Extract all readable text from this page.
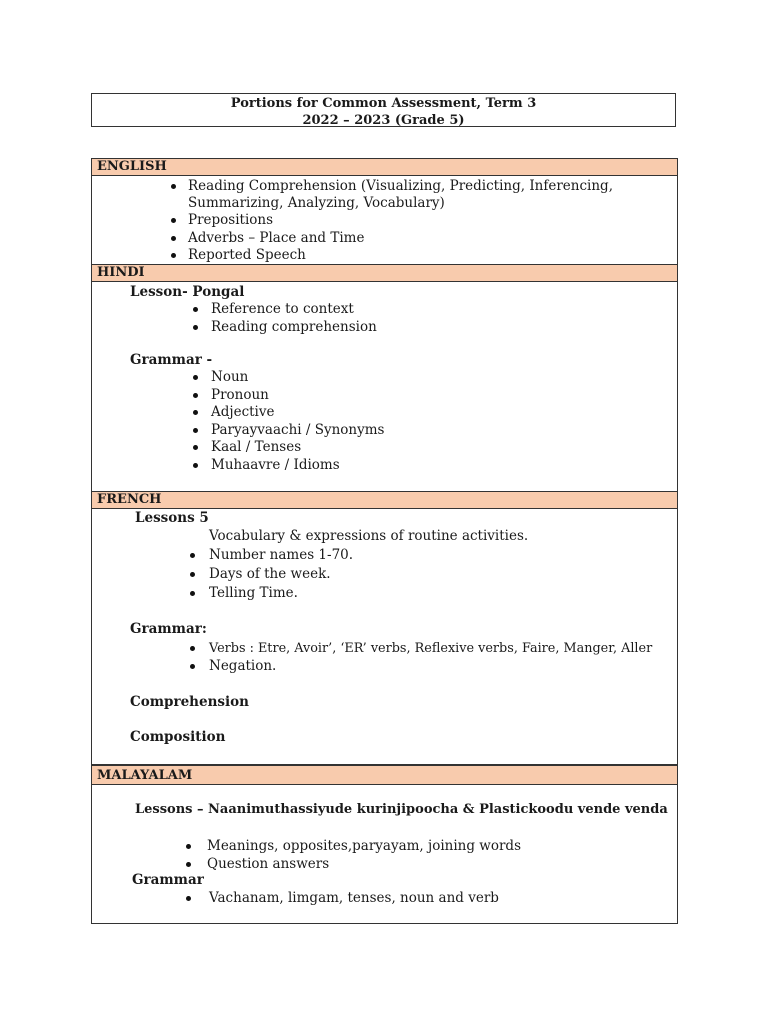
Portions for Common Assessment, Term 3
2022 – 2023 (Grade 5)
ENGLISH
Reading Comprehension (Visualizing, Predicting, Inferencing,
Summarizing, Analyzing, Vocabulary)
Prepositions
Adverbs – Place and Time
Reported Speech
HINDI
Lesson- Pongal
Reference to context
Reading comprehension
Grammar -
Noun
Pronoun
Adjective
Paryayvaachi / Synonyms
Kaal / Tenses
Muhaavre / Idioms
FRENCH
Lessons 5
Vocabulary & expressions of routine activities.
Number names 1-70.
Days of the week.
Telling Time.
Grammar:
Verbs : Etre, Avoir’, ‘ER’ verbs, Reflexive verbs, Faire, Manger, Aller
Negation.
Comprehension
Composition
MALAYALAM
Lessons – Naanimuthassiyude kurinjipoocha & Plastickoodu vende venda
Meanings, opposites,paryayam, joining words
Question answers
Grammar
Vachanam, limgam, tenses, noun and verb
